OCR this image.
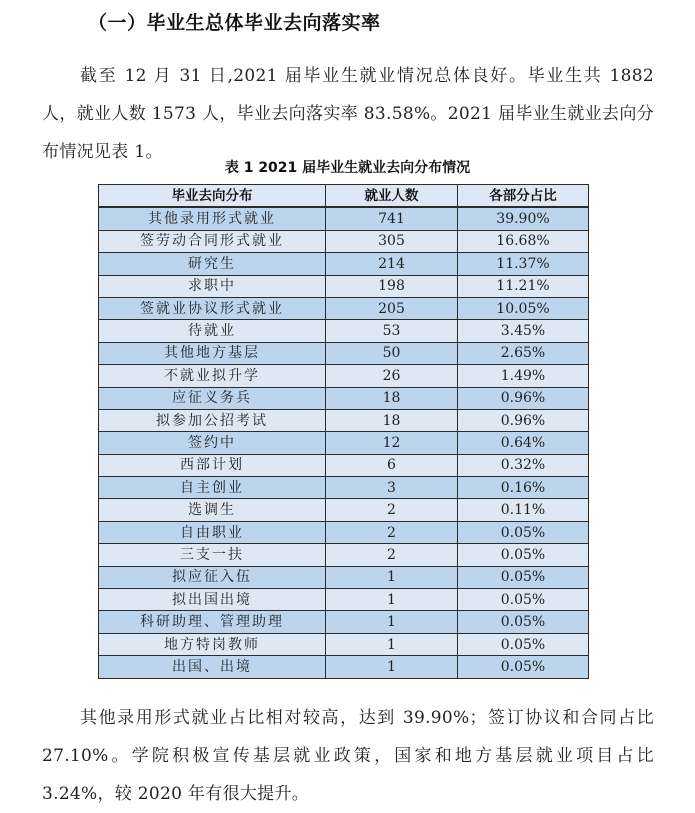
（一）毕业生总体毕业去向落实率

截至 12 月 31 日,2021 届毕业生就业情况总体良好。毕业生共 1882 人，就业人数 1573 人，毕业去向落实率 83.58%。2021 届毕业生就业去向分布情况见表 1。

表 1 2021 届毕业生就业去向分布情况
毕业去向分布	就业人数	各部分占比
其他录用形式就业	741	39.90%
签劳动合同形式就业	305	16.68%
研究生	214	11.37%
求职中	198	11.21%
签就业协议形式就业	205	10.05%
待就业	53	3.45%
其他地方基层	50	2.65%
不就业拟升学	26	1.49%
应征义务兵	18	0.96%
拟参加公招考试	18	0.96%
签约中	12	0.64%
西部计划	6	0.32%
自主创业	3	0.16%
选调生	2	0.11%
自由职业	2	0.05%
三支一扶	2	0.05%
拟应征入伍	1	0.05%
拟出国出境	1	0.05%
科研助理、管理助理	1	0.05%
地方特岗教师	1	0.05%
出国、出境	1	0.05%

其他录用形式就业占比相对较高，达到 39.90%；签订协议和合同占比 27.10%。学院积极宣传基层就业政策，国家和地方基层就业项目占比 3.24%，较 2020 年有很大提升。
